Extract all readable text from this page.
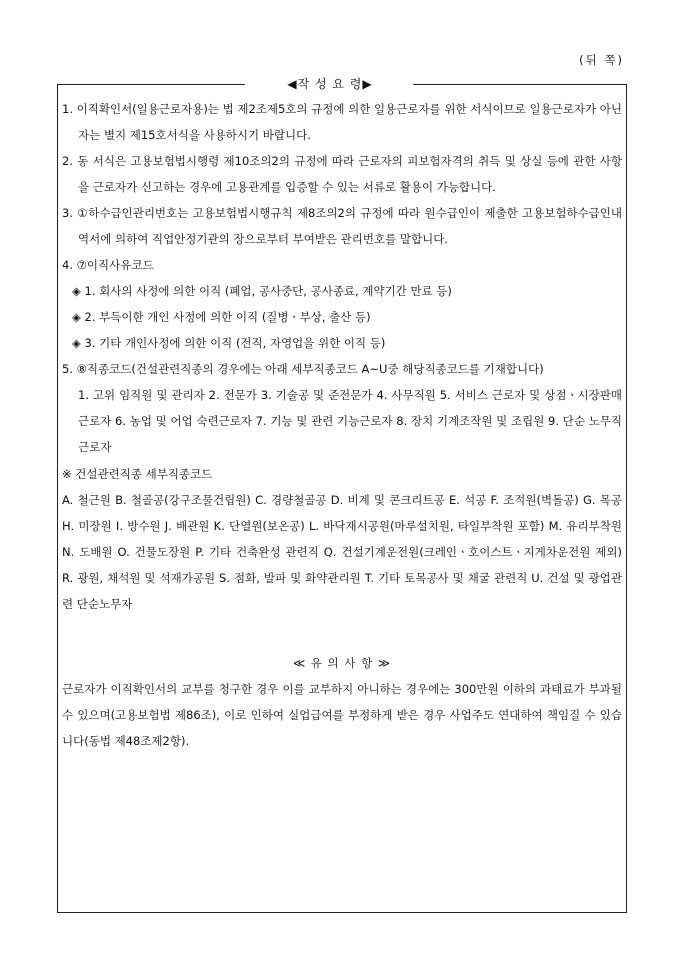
(뒤 쪽)
◀작 성 요 령▶

1. 이직확인서(일용근로자용)는 법 제2조제5호의 규정에 의한 일용근로자를 위한 서식이므로 일용근로자가 아닌 자는 별지 제15호서식을 사용하시기 바랍니다.

2. 동 서식은 고용보험법시행령 제10조의2의 규정에 따라 근로자의 피보험자격의 취득 및 상실 등에 관한 사항을 근로자가 신고하는 경우에 고용관계를 입증할 수 있는 서류로 활용이 가능합니다.

3. ①하수급인관리번호는 고용보험법시행규칙 제8조의2의 규정에 따라 원수급인이 제출한 고용보험하수급인내역서에 의하여 직업안정기관의 장으로부터 부여받은 관리번호를 말합니다.

4. ⑦이직사유코드

◈ 1. 회사의 사정에 의한 이직 (폐업, 공사중단, 공사종료, 계약기간 만료 등)

◈ 2. 부득이한 개인 사정에 의한 이직 (질병ㆍ부상, 출산 등)

◈ 3. 기타 개인사정에 의한 이직 (전직, 자영업을 위한 이직 등)

5. ⑧직종코드(건설관련직종의 경우에는 아래 세부직종코드 A~U중 해당직종코드를 기재합니다)

1. 고위 임직원 및 관리자 2. 전문가 3. 기술공 및 준전문가 4. 사무직원 5. 서비스 근로자 및 상점ㆍ시장판매 근로자 6. 농업 및 어업 숙련근로자 7. 기능 및 관련 기능근로자 8. 장치 기계조작원 및 조립원 9. 단순 노무직 근로자

※ 건설관련직종 세부직종코드

A. 철근원 B. 철골공(강구조물건립원) C. 경량철골공 D. 비계 및 콘크리트공 E. 석공 F. 조적원(벽돌공) G. 목공 H. 미장원 I. 방수원 J. 배관원 K. 단열원(보온공) L. 바닥재시공원(마루설치원, 타일부착원 포함) M. 유리부착원 N. 도배원 O. 건물도장원 P. 기타 건축완성 관련직 Q. 건설기계운전원(크레인ㆍ호이스트ㆍ지게차운전원 제외) R. 광원, 채석원 및 석재가공원 S. 점화, 발파 및 화약관리원 T. 기타 토목공사 및 채굴 관련직 U. 건설 및 광업관련 단순노무자

≪ 유 의 사 항 ≫

근로자가 이직확인서의 교부를 청구한 경우 이를 교부하지 아니하는 경우에는 300만원 이하의 과태료가 부과될 수 있으며(고용보험법 제86조), 이로 인하여 실업급여를 부정하게 받은 경우 사업주도 연대하여 책임질 수 있습니다(동법 제48조제2항).
